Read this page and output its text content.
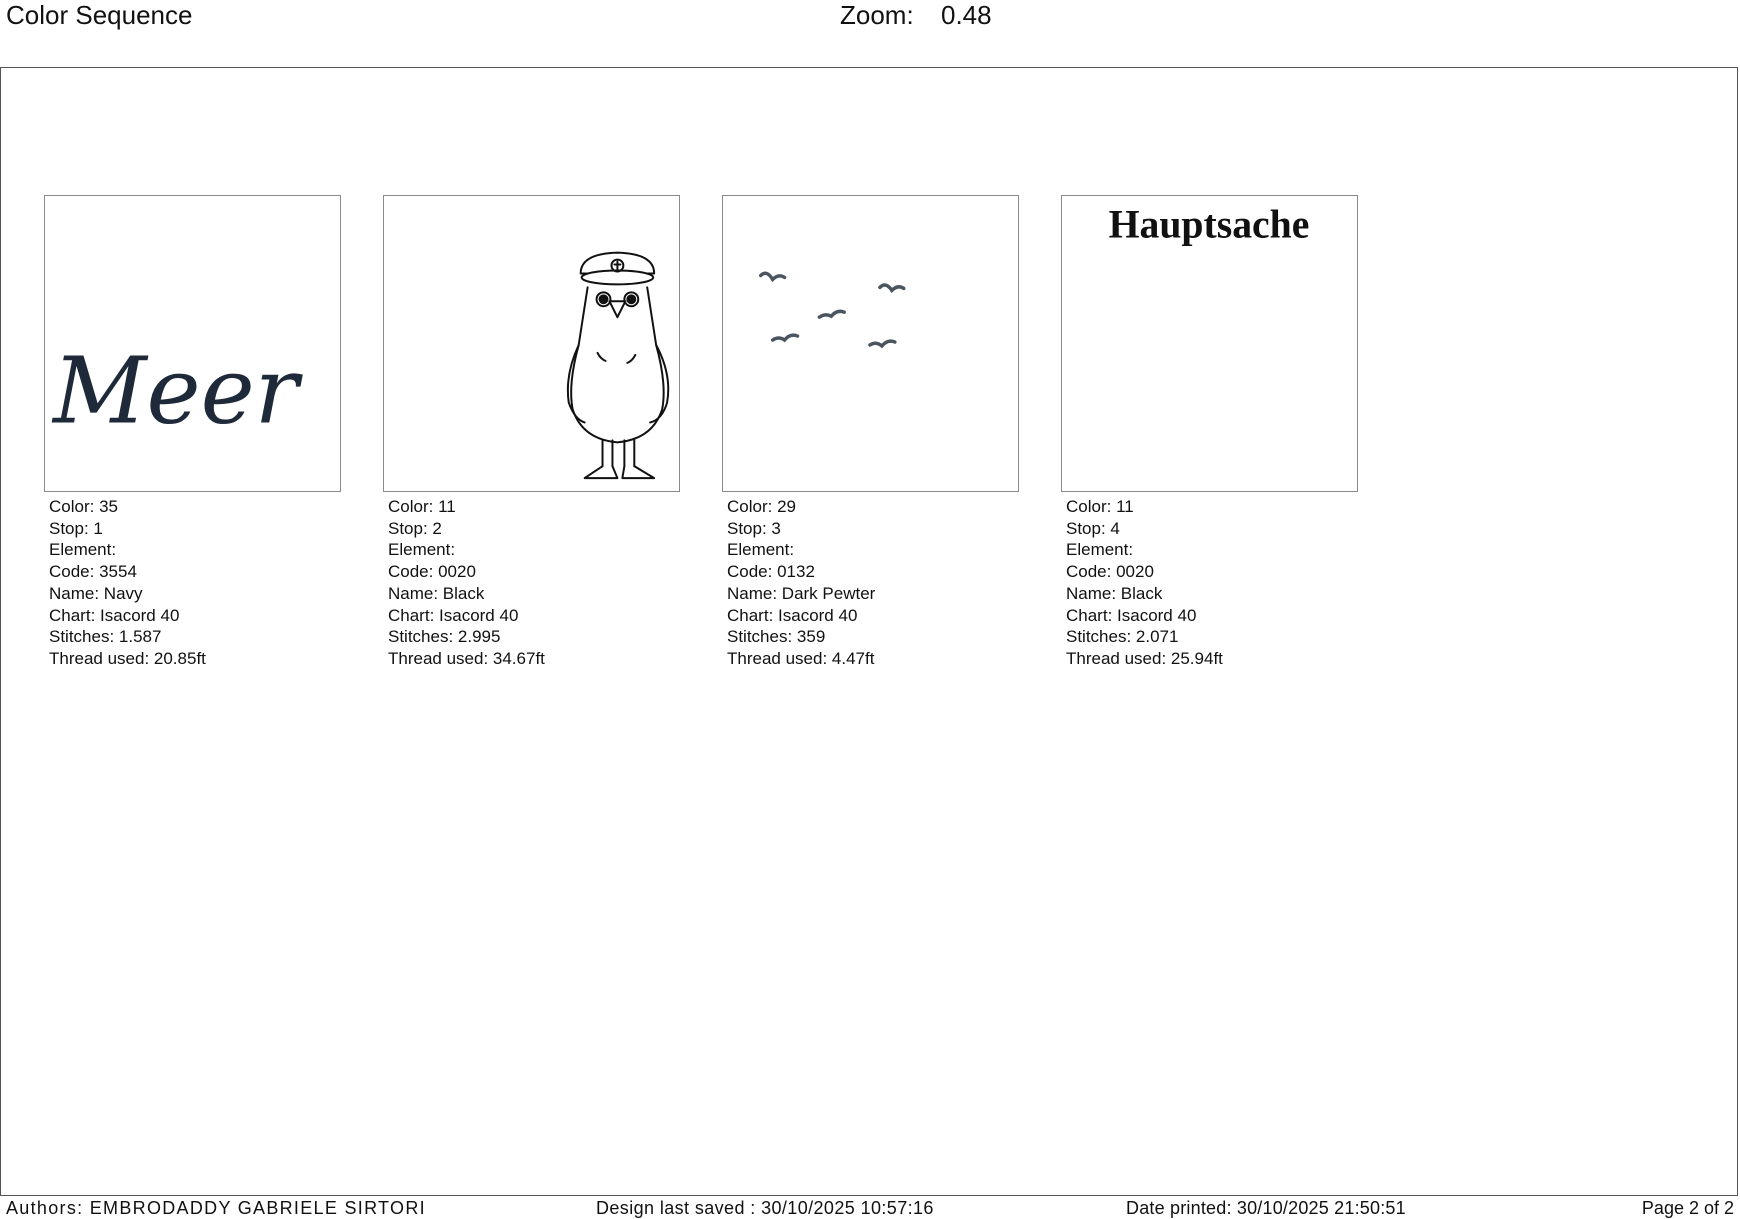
Color Sequence	Zoom: 0.48
Meer
Color: 35
Stop: 1
Element:
Code: 3554
Name: Navy
Chart: Isacord 40
Stitches: 1.587
Thread used: 20.85ft
Color: 11
Stop: 2
Element:
Code: 0020
Name: Black
Chart: Isacord 40
Stitches: 2.995
Thread used: 34.67ft
Color: 29
Stop: 3
Element:
Code: 0132
Name: Dark Pewter
Chart: Isacord 40
Stitches: 359
Thread used: 4.47ft
Hauptsache
Color: 11
Stop: 4
Element:
Code: 0020
Name: Black
Chart: Isacord 40
Stitches: 2.071
Thread used: 25.94ft
Authors: EMBRODADDY GABRIELE SIRTORI	Design last saved : 30/10/2025 10:57:16	Date printed: 30/10/2025 21:50:51	Page 2 of 2
